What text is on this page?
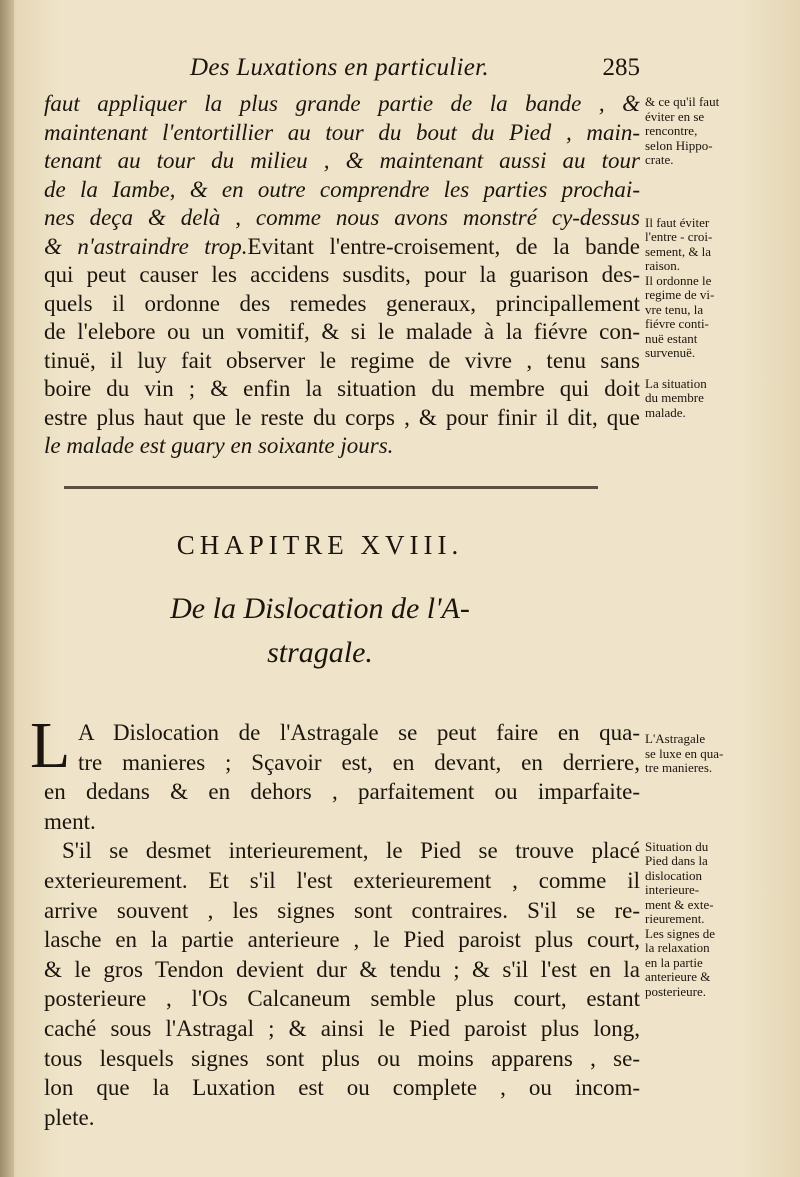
Des Luxations en particulier.	285
faut appliquer la plus grande partie de la bande , &
maintenant l'entortillier au tour du bout du Pied , main-
tenant au tour du milieu , & maintenant aussi au tour
de la Iambe, & en outre comprendre les parties prochai-
nes deça & delà , comme nous avons monstré cy-dessus
& n'astraindre trop.Evitant l'entre-croisement, de la bande
qui peut causer les accidens susdits, pour la guarison des-
quels il ordonne des remedes generaux, principallement
de l'elebore ou un vomitif, & si le malade à la fiévre con-
tinuë, il luy fait observer le regime de vivre , tenu sans
boire du vin ; & enfin la situation du membre qui doit
estre plus haut que le reste du corps , & pour finir il dit, que
le malade est guary en soixante jours.
& ce qu'il faut
éviter en se
rencontre,
selon Hippo-
crate.
Il faut éviter
l'entre - croi-
sement, & la
raison.
Il ordonne le
regime de vi-
vre tenu, la
fiévre conti-
nuë estant
survenuë.
La situation
du membre
malade.
CHAPITRE XVIII.
De la Dislocation de l'A-
stragale.
L A Dislocation de l'Astragale se peut faire en qua-
tre manieres ; Sçavoir est, en devant, en derriere,
en dedans & en dehors , parfaitement ou imparfaite-
ment.
S'il se desmet interieurement, le Pied se trouve placé
exterieurement. Et s'il l'est exterieurement , comme il
arrive souvent , les signes sont contraires. S'il se re-
lasche en la partie anterieure , le Pied paroist plus court,
& le gros Tendon devient dur & tendu ; & s'il l'est en la
posterieure , l'Os Calcaneum semble plus court, estant
caché sous l'Astragal ; & ainsi le Pied paroist plus long,
tous lesquels signes sont plus ou moins apparens , se-
lon que la Luxation est ou complete , ou incom-
plete.
L'Astragale
se luxe en qua-
tre manieres.
Situation du
Pied dans la
dislocation
interieure-
ment & exte-
rieurement.
Les signes de
la relaxation
en la partie
anterieure &
posterieure.
